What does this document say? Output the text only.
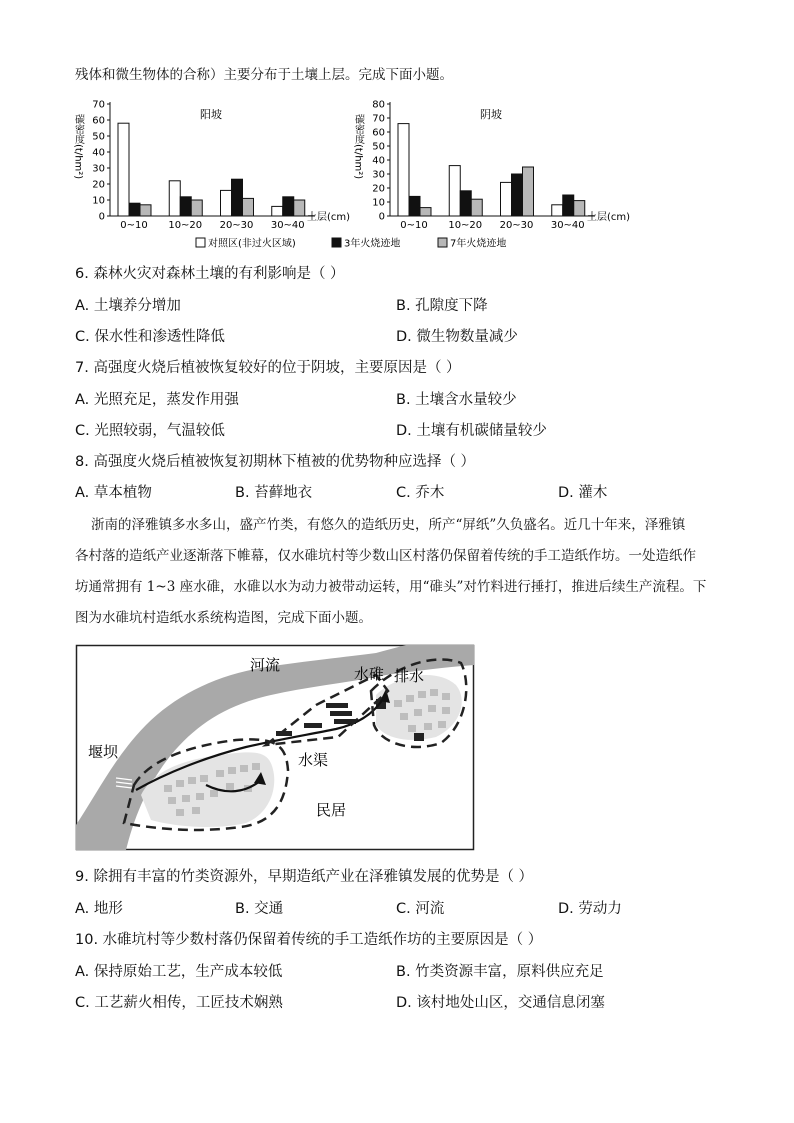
残体和微生物体的合称）主要分布于土壤上层。完成下面小题。
碳密度(t/hm²)
0
10
20
30
40
50
60
70
阳坡
0~10 10~20 20~30 30~40
土层(cm)
碳密度(t/hm²)
0
10
20
30
40
50
60
70
80
阴坡
0~10 10~20 20~30 30~40
土层(cm)
对照区(非过火区域)	3年火烧迹地	7年火烧迹地
6. 森林火灾对森林土壤的有利影响是（ ）
A. 土壤养分增加	B. 孔隙度下降
C. 保水性和渗透性降低	D. 微生物数量减少
7. 高强度火烧后植被恢复较好的位于阴坡，主要原因是（ ）
A. 光照充足，蒸发作用强	B. 土壤含水量较少
C. 光照较弱，气温较低	D. 土壤有机碳储量较少
8. 高强度火烧后植被恢复初期林下植被的优势物种应选择（ ）
A. 草本植物	B. 苔藓地衣	C. 乔木	D. 灌木
浙南的泽雅镇多水多山，盛产竹类，有悠久的造纸历史，所产“屏纸”久负盛名。近几十年来，泽雅镇
各村落的造纸产业逐渐落下帷幕，仅水碓坑村等少数山区村落仍保留着传统的手工造纸作坊。一处造纸作
坊通常拥有 1~3 座水碓，水碓以水为动力被带动运转，用“碓头”对竹料进行捶打，推进后续生产流程。下
图为水碓坑村造纸水系统构造图，完成下面小题。
河流
排水
水碓
堰坝	水渠
民居
9. 除拥有丰富的竹类资源外，早期造纸产业在泽雅镇发展的优势是（ ）
A. 地形	B. 交通	C. 河流	D. 劳动力
10. 水碓坑村等少数村落仍保留着传统的手工造纸作坊的主要原因是（ ）
A. 保持原始工艺，生产成本较低	B. 竹类资源丰富，原料供应充足
C. 工艺薪火相传，工匠技术娴熟	D. 该村地处山区，交通信息闭塞
